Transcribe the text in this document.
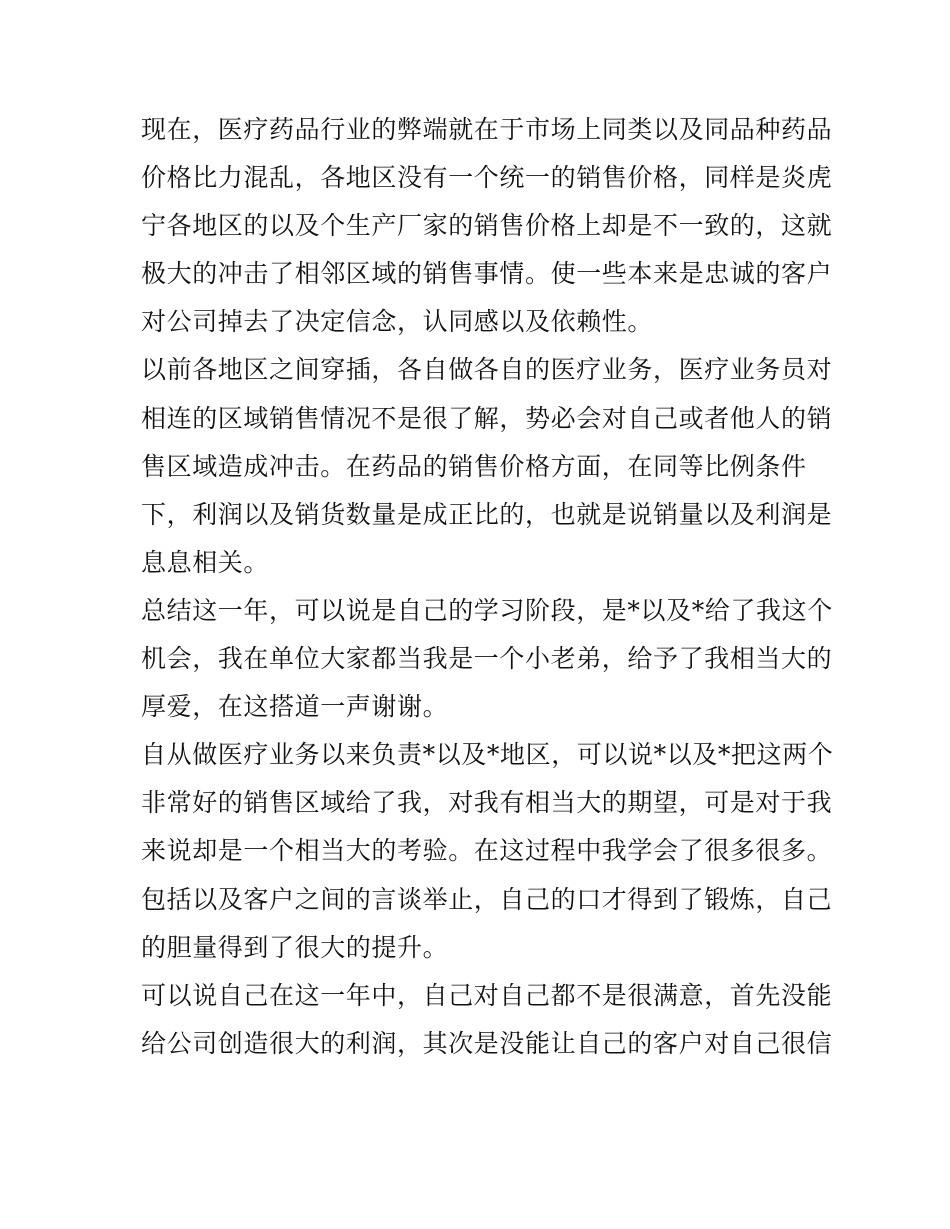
现在，医疗药品行业的弊端就在于市场上同类以及同品种药品
价格比力混乱，各地区没有一个统一的销售价格，同样是炎虎
宁各地区的以及个生产厂家的销售价格上却是不一致的，这就
极大的冲击了相邻区域的销售事情。使一些本来是忠诚的客户
对公司掉去了决定信念，认同感以及依赖性。
以前各地区之间穿插，各自做各自的医疗业务，医疗业务员对
相连的区域销售情况不是很了解，势必会对自己或者他人的销
售区域造成冲击。在药品的销售价格方面，在同等比例条件
下，利润以及销货数量是成正比的，也就是说销量以及利润是
息息相关。
总结这一年，可以说是自己的学习阶段，是*以及*给了我这个
机会，我在单位大家都当我是一个小老弟，给予了我相当大的
厚爱，在这搭道一声谢谢。
自从做医疗业务以来负责*以及*地区，可以说*以及*把这两个
非常好的销售区域给了我，对我有相当大的期望，可是对于我
来说却是一个相当大的考验。在这过程中我学会了很多很多。
包括以及客户之间的言谈举止，自己的口才得到了锻炼，自己
的胆量得到了很大的提升。
可以说自己在这一年中，自己对自己都不是很满意，首先没能
给公司创造很大的利润，其次是没能让自己的客户对自己很信
